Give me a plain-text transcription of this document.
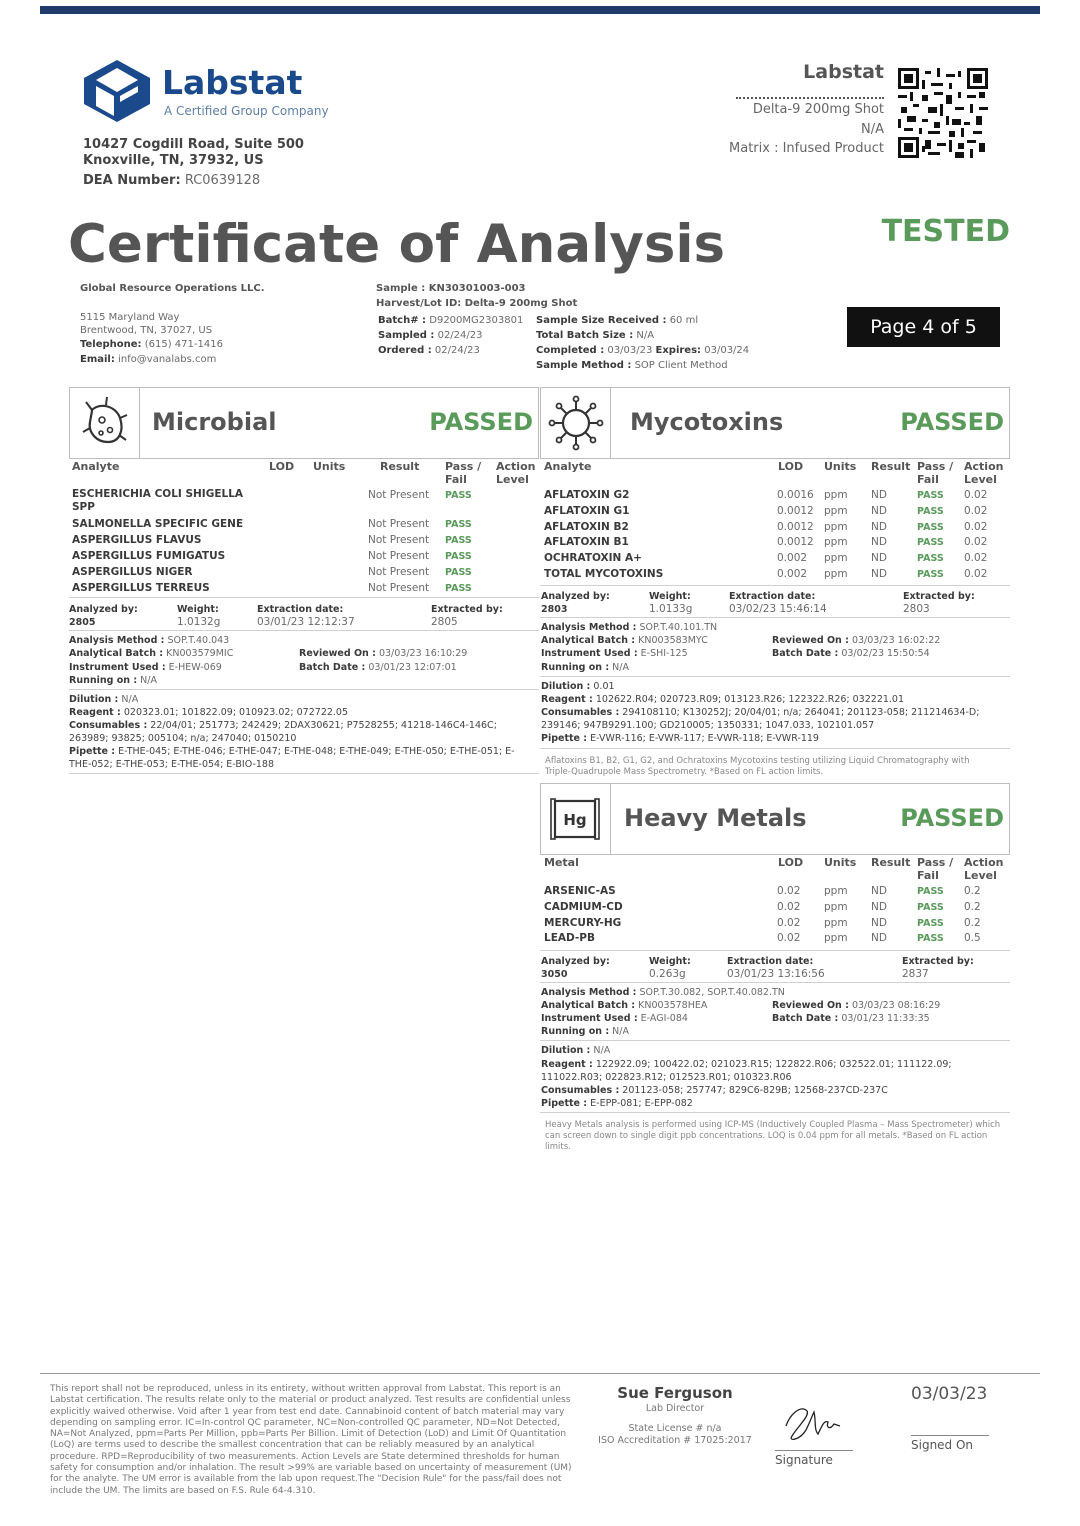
Labstat
A Certified Group Company
10427 Cogdill Road, Suite 500
Knoxville, TN, 37932, US
DEA Number: RC0639128
Labstat
Delta-9 200mg Shot
N/A
Matrix : Infused Product
Certificate of Analysis	TESTED
Global Resource Operations LLC.
5115 Maryland Way
Brentwood, TN, 37027, US
Telephone: (615) 471-1416
Email: info@vanalabs.com
Sample : KN30301003-003
Harvest/Lot ID: Delta-9 200mg Shot
Batch# : D9200MG2303801
Sampled : 02/24/23
Ordered : 02/24/23
Sample Size Received : 60 ml
Total Batch Size : N/A
Completed : 03/03/23 Expires: 03/03/24
Sample Method : SOP Client Method
Page 4 of 5
Microbial	PASSED
Analyte	LOD Units	Result Pass /
Fail
Action
Level
ESCHERICHIA COLI SHIGELLA
SPP
Not Present PASS
SALMONELLA SPECIFIC GENE	Not Present PASS
ASPERGILLUS FLAVUS	Not Present PASS
ASPERGILLUS FUMIGATUS	Not Present PASS
ASPERGILLUS NIGER	Not Present PASS
ASPERGILLUS TERREUS	Not Present PASS
Analyzed by:
2805
Weight:
1.0132g
Extraction date:
03/01/23 12:12:37
Extracted by:
2805
Analysis Method : SOP.T.40.043
Analytical Batch : KN003579MIC
Instrument Used : E-HEW-069
Running on : N/A
Reviewed On : 03/03/23 16:10:29
Batch Date : 03/01/23 12:07:01
Dilution : N/A
Reagent : 020323.01; 101822.09; 010923.02; 072722.05
Consumables : 22/04/01; 251773; 242429; 2DAX30621; P7528255; 41218-146C4-146C;
263989; 93825; 005104; n/a; 247040; 0150210
Pipette : E-THE-045; E-THE-046; E-THE-047; E-THE-048; E-THE-049; E-THE-050; E-THE-051; E-
THE-052; E-THE-053; E-THE-054; E-BIO-188
Mycotoxins	PASSED
Analyte	LOD Units Result Pass /
Fail
Action
Level
AFLATOXIN G2	0.0016 ppm ND	PASS 0.02
AFLATOXIN G1	0.0012 ppm ND	PASS 0.02
AFLATOXIN B2	0.0012 ppm ND	PASS 0.02
AFLATOXIN B1	0.0012 ppm ND	PASS 0.02
OCHRATOXIN A+	0.002 ppm ND	PASS 0.02
TOTAL MYCOTOXINS	0.002 ppm ND	PASS 0.02
Analyzed by:
2803
Weight:
1.0133g
Extraction date:
03/02/23 15:46:14
Extracted by:
2803
Analysis Method : SOP.T.40.101.TN
Analytical Batch : KN003583MYC
Instrument Used : E-SHI-125
Running on : N/A
Reviewed On : 03/03/23 16:02:22
Batch Date : 03/02/23 15:50:54
Dilution : 0.01
Reagent : 102622.R04; 020723.R09; 013123.R26; 122322.R26; 032221.01
Consumables : 294108110; K130252J; 20/04/01; n/a; 264041; 201123-058; 211214634-D;
239146; 947B9291.100; GD210005; 1350331; 1047.033, 102101.057
Pipette : E-VWR-116; E-VWR-117; E-VWR-118; E-VWR-119
Aflatoxins B1, B2, G1, G2, and Ochratoxins Mycotoxins testing utilizing Liquid Chromatography with
Triple-Quadrupole Mass Spectrometry. *Based on FL action limits.
Hg Heavy Metals	PASSED
Metal	LOD Units Result Pass /
Fail
Action
Level
ARSENIC-AS	0.02 ppm ND	PASS 0.2
CADMIUM-CD	0.02 ppm ND	PASS 0.2
MERCURY-HG	0.02 ppm ND	PASS 0.2
LEAD-PB	0.02 ppm ND	PASS 0.5
Analyzed by:
3050
Weight:
0.263g
Extraction date:
03/01/23 13:16:56
Extracted by:
2837
Analysis Method : SOP.T.30.082, SOP.T.40.082.TN
Analytical Batch : KN003578HEA
Instrument Used : E-AGI-084
Running on : N/A
Reviewed On : 03/03/23 08:16:29
Batch Date : 03/01/23 11:33:35
Dilution : N/A
Reagent : 122922.09; 100422.02; 021023.R15; 122822.R06; 032522.01; 111122.09;
111022.R03; 022823.R12; 012523.R01; 010323.R06
Consumables : 201123-058; 257747; 829C6-829B; 12568-237CD-237C
Pipette : E-EPP-081; E-EPP-082
Heavy Metals analysis is performed using ICP-MS (Inductively Coupled Plasma – Mass Spectrometer) which
can screen down to single digit ppb concentrations. LOQ is 0.04 ppm for all metals. *Based on FL action
limits.
This report shall not be reproduced, unless in its entirety, without written approval from Labstat. This report is an
Labstat certification. The results relate only to the material or product analyzed. Test results are confidential unless
explicitly waived otherwise. Void after 1 year from test end date. Cannabinoid content of batch material may vary
depending on sampling error. IC=In-control QC parameter, NC=Non-controlled QC parameter, ND=Not Detected,
NA=Not Analyzed, ppm=Parts Per Million, ppb=Parts Per Billion. Limit of Detection (LoD) and Limit Of Quantitation
(LoQ) are terms used to describe the smallest concentration that can be reliably measured by an analytical
procedure. RPD=Reproducibility of two measurements. Action Levels are State determined thresholds for human
safety for consumption and/or inhalation. The result >99% are variable based on uncertainty of measurement (UM)
for the analyte. The UM error is available from the lab upon request.The "Decision Rule" for the pass/fail does not
include the UM. The limits are based on F.S. Rule 64-4.310.
Sue Ferguson
Lab Director
State License # n/a
ISO Accreditation # 17025:2017
Signature
03/03/23
Signed On
